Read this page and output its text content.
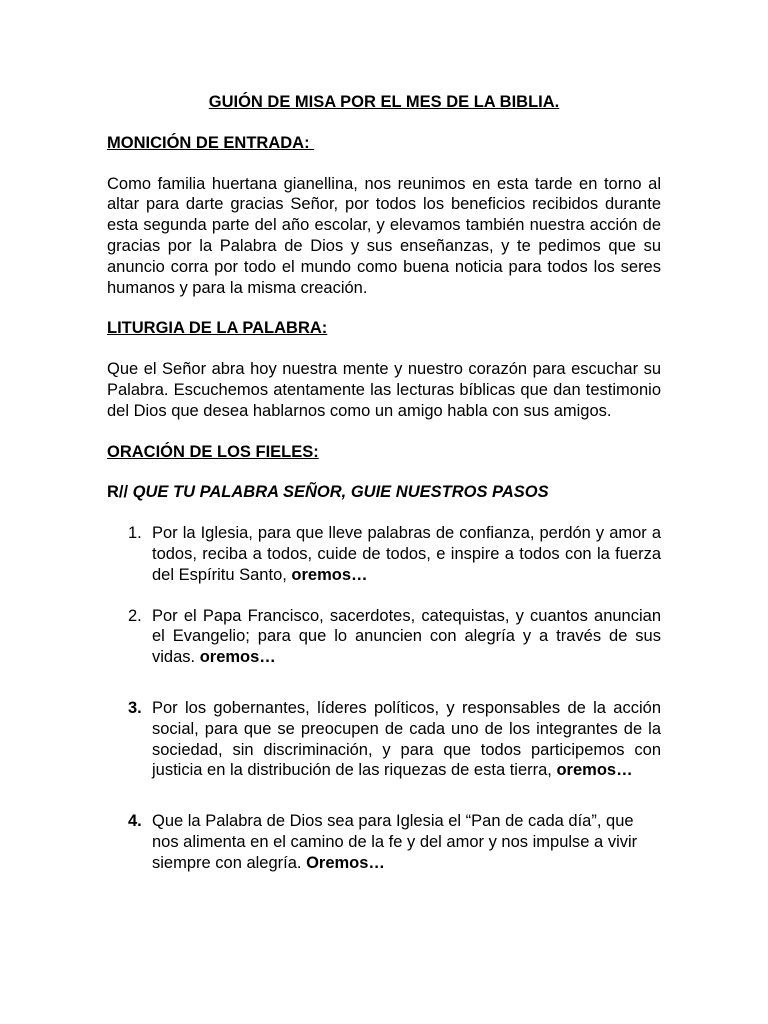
GUIÓN DE MISA POR EL MES DE LA BIBLIA.
MONICIÓN DE ENTRADA:
Como familia huertana gianellina, nos reunimos en esta tarde en torno al altar para darte gracias Señor, por todos los beneficios recibidos durante esta segunda parte del año escolar, y elevamos también nuestra acción de gracias por la Palabra de Dios y sus enseñanzas, y te pedimos que su anuncio corra por todo el mundo como buena noticia para todos los seres humanos y para la misma creación.
LITURGIA DE LA PALABRA:
Que el Señor abra hoy nuestra mente y nuestro corazón para escuchar su Palabra. Escuchemos atentamente las lecturas bíblicas que dan testimonio del Dios que desea hablarnos como un amigo habla con sus amigos.
ORACIÓN DE LOS FIELES:
R// QUE TU PALABRA SEÑOR, GUIE NUESTROS PASOS
1. Por la Iglesia, para que lleve palabras de confianza, perdón y amor a todos, reciba a todos, cuide de todos, e inspire a todos con la fuerza del Espíritu Santo, oremos…
2. Por el Papa Francisco, sacerdotes, catequistas, y cuantos anuncian el Evangelio; para que lo anuncien con alegría y a través de sus vidas. oremos…
3. Por los gobernantes, líderes políticos, y responsables de la acción social, para que se preocupen de cada uno de los integrantes de la sociedad, sin discriminación, y para que todos participemos con justicia en la distribución de las riquezas de esta tierra, oremos…
4. Que la Palabra de Dios sea para Iglesia el “Pan de cada día”, que nos alimenta en el camino de la fe y del amor y nos impulse a vivir siempre con alegría. Oremos…
